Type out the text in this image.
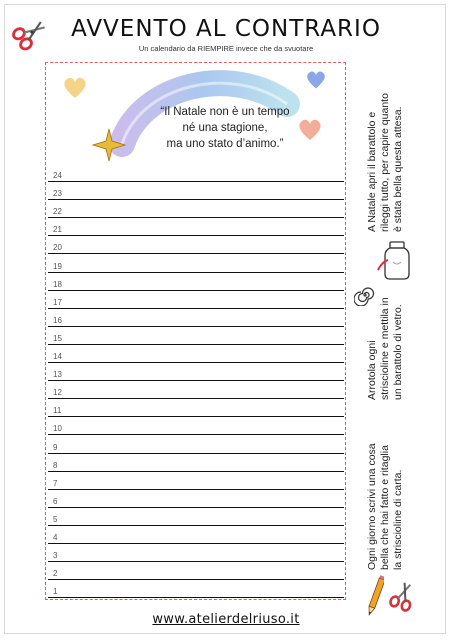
AVVENTO AL CONTRARIO
Un calendario da RIEMPIRE invece che da svuotare
“Il Natale non è un tempo
né una stagione,
ma uno stato d’animo.”
24
23
22
21
20
19
18
17
16
15
14
13
12
11
10
9
8
7
6
5
4
3
2
1
A Natale apri il barattolo e rileggi tutto, per capire quanto è stata bella questa attesa.
Arrotola ogni striscioline e mettila in un barattolo di vetro.
Ogni giorno scrivi una cosa bella che hai fatto e ritaglia la striscioline di carta.
www.atelierdelriuso.it
